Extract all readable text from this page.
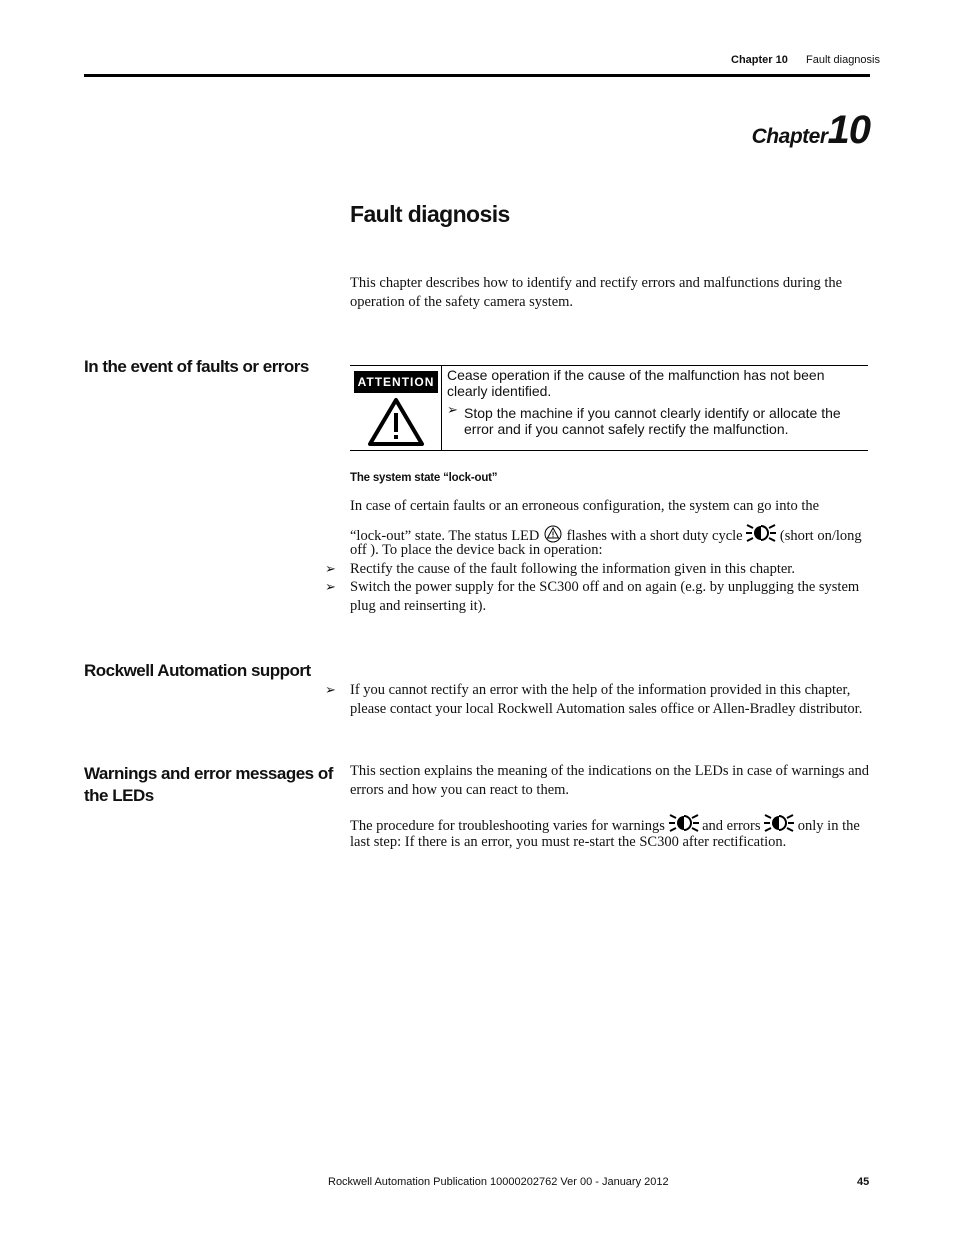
Chapter 10 Fault diagnosis
Chapter10
Fault diagnosis
This chapter describes how to identify and rectify errors and malfunctions during the operation of the safety camera system.
In the event of faults or errors
ATTENTION Cease operation if the cause of the malfunction has not been
clearly identified.
➢ Stop the machine if you cannot clearly identify or allocate the
error and if you cannot safely rectify the malfunction.
The system state “lock-out”
In case of certain faults or an erroneous configuration, the system can go into the
“lock-out” state. The status LED flashes with a short duty cycle	(short on/long
off ). To place the device back in operation:
➢ Rectify the cause of the fault following the information given in this chapter.
➢ Switch the power supply for the SC300 off and on again (e.g. by unplugging the system
plug and reinserting it).
Rockwell Automation support
➢ If you cannot rectify an error with the help of the information provided in this chapter,
please contact your local Rockwell Automation sales office or Allen-Bradley distributor.
Warnings and error messages of
the LEDs
This section explains the meaning of the indications on the LEDs in case of warnings and
errors and how you can react to them.
The procedure for troubleshooting varies for warnings	and errors	only in the
last step: If there is an error, you must re-start the SC300 after rectification.
Rockwell Automation Publication 10000202762 Ver 00 - January 2012	45
